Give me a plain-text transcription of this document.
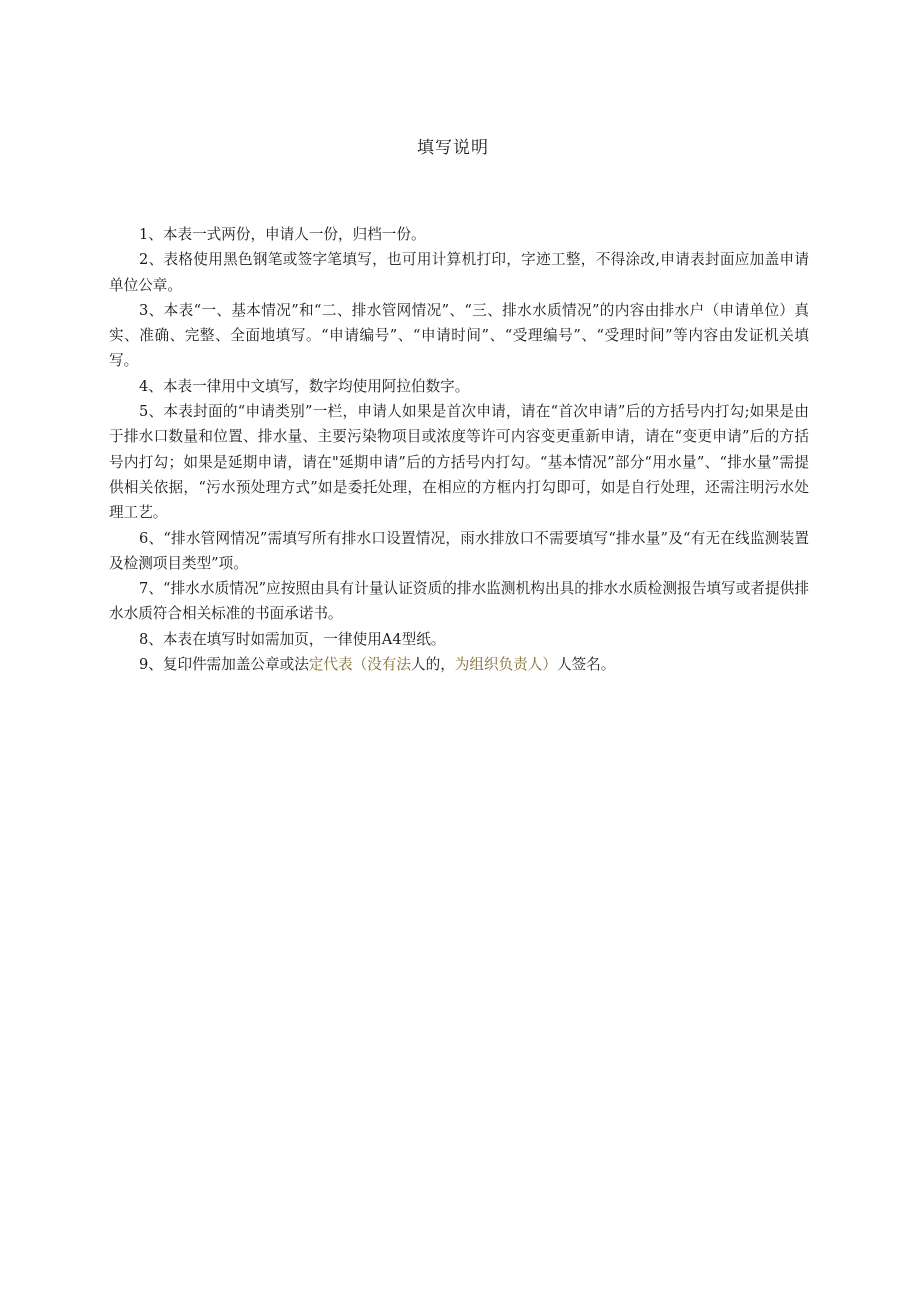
填写说明

1、本表一式两份，申请人一份，归档一份。

2、表格使用黑色钢笔或签字笔填写，也可用计算机打印，字迹工整，不得涂改,申请表封面应加盖申请单位公章。

3、本表“一、基本情况”和“二、排水管网情况”、“三、排水水质情况”的内容由排水户（申请单位）真实、准确、完整、全面地填写。“申请编号”、“申请时间”、“受理编号”、“受理时间”等内容由发证机关填写。

4、本表一律用中文填写，数字均使用阿拉伯数字。

5、本表封面的“申请类别”一栏，申请人如果是首次申请，请在“首次申请”后的方括号内打勾;如果是由于排水口数量和位置、排水量、主要污染物项目或浓度等许可内容变更重新申请，请在“变更申请”后的方括号内打勾；如果是延期申请，请在"延期申请”后的方括号内打勾。“基本情况”部分“用水量”、“排水量”需提供相关依据，“污水预处理方式”如是委托处理，在相应的方框内打勾即可，如是自行处理，还需注明污水处理工艺。

6、“排水管网情况”需填写所有排水口设置情况，雨水排放口不需要填写“排水量”及“有无在线监测装置及检测项目类型”项。

7、“排水水质情况”应按照由具有计量认证资质的排水监测机构出具的排水水质检测报告填写或者提供排水水质符合相关标准的书面承诺书。

8、本表在填写时如需加页，一律使用A4型纸。

9、复印件需加盖公章或法定代表（没有法人的，为组织负责人）人签名。
